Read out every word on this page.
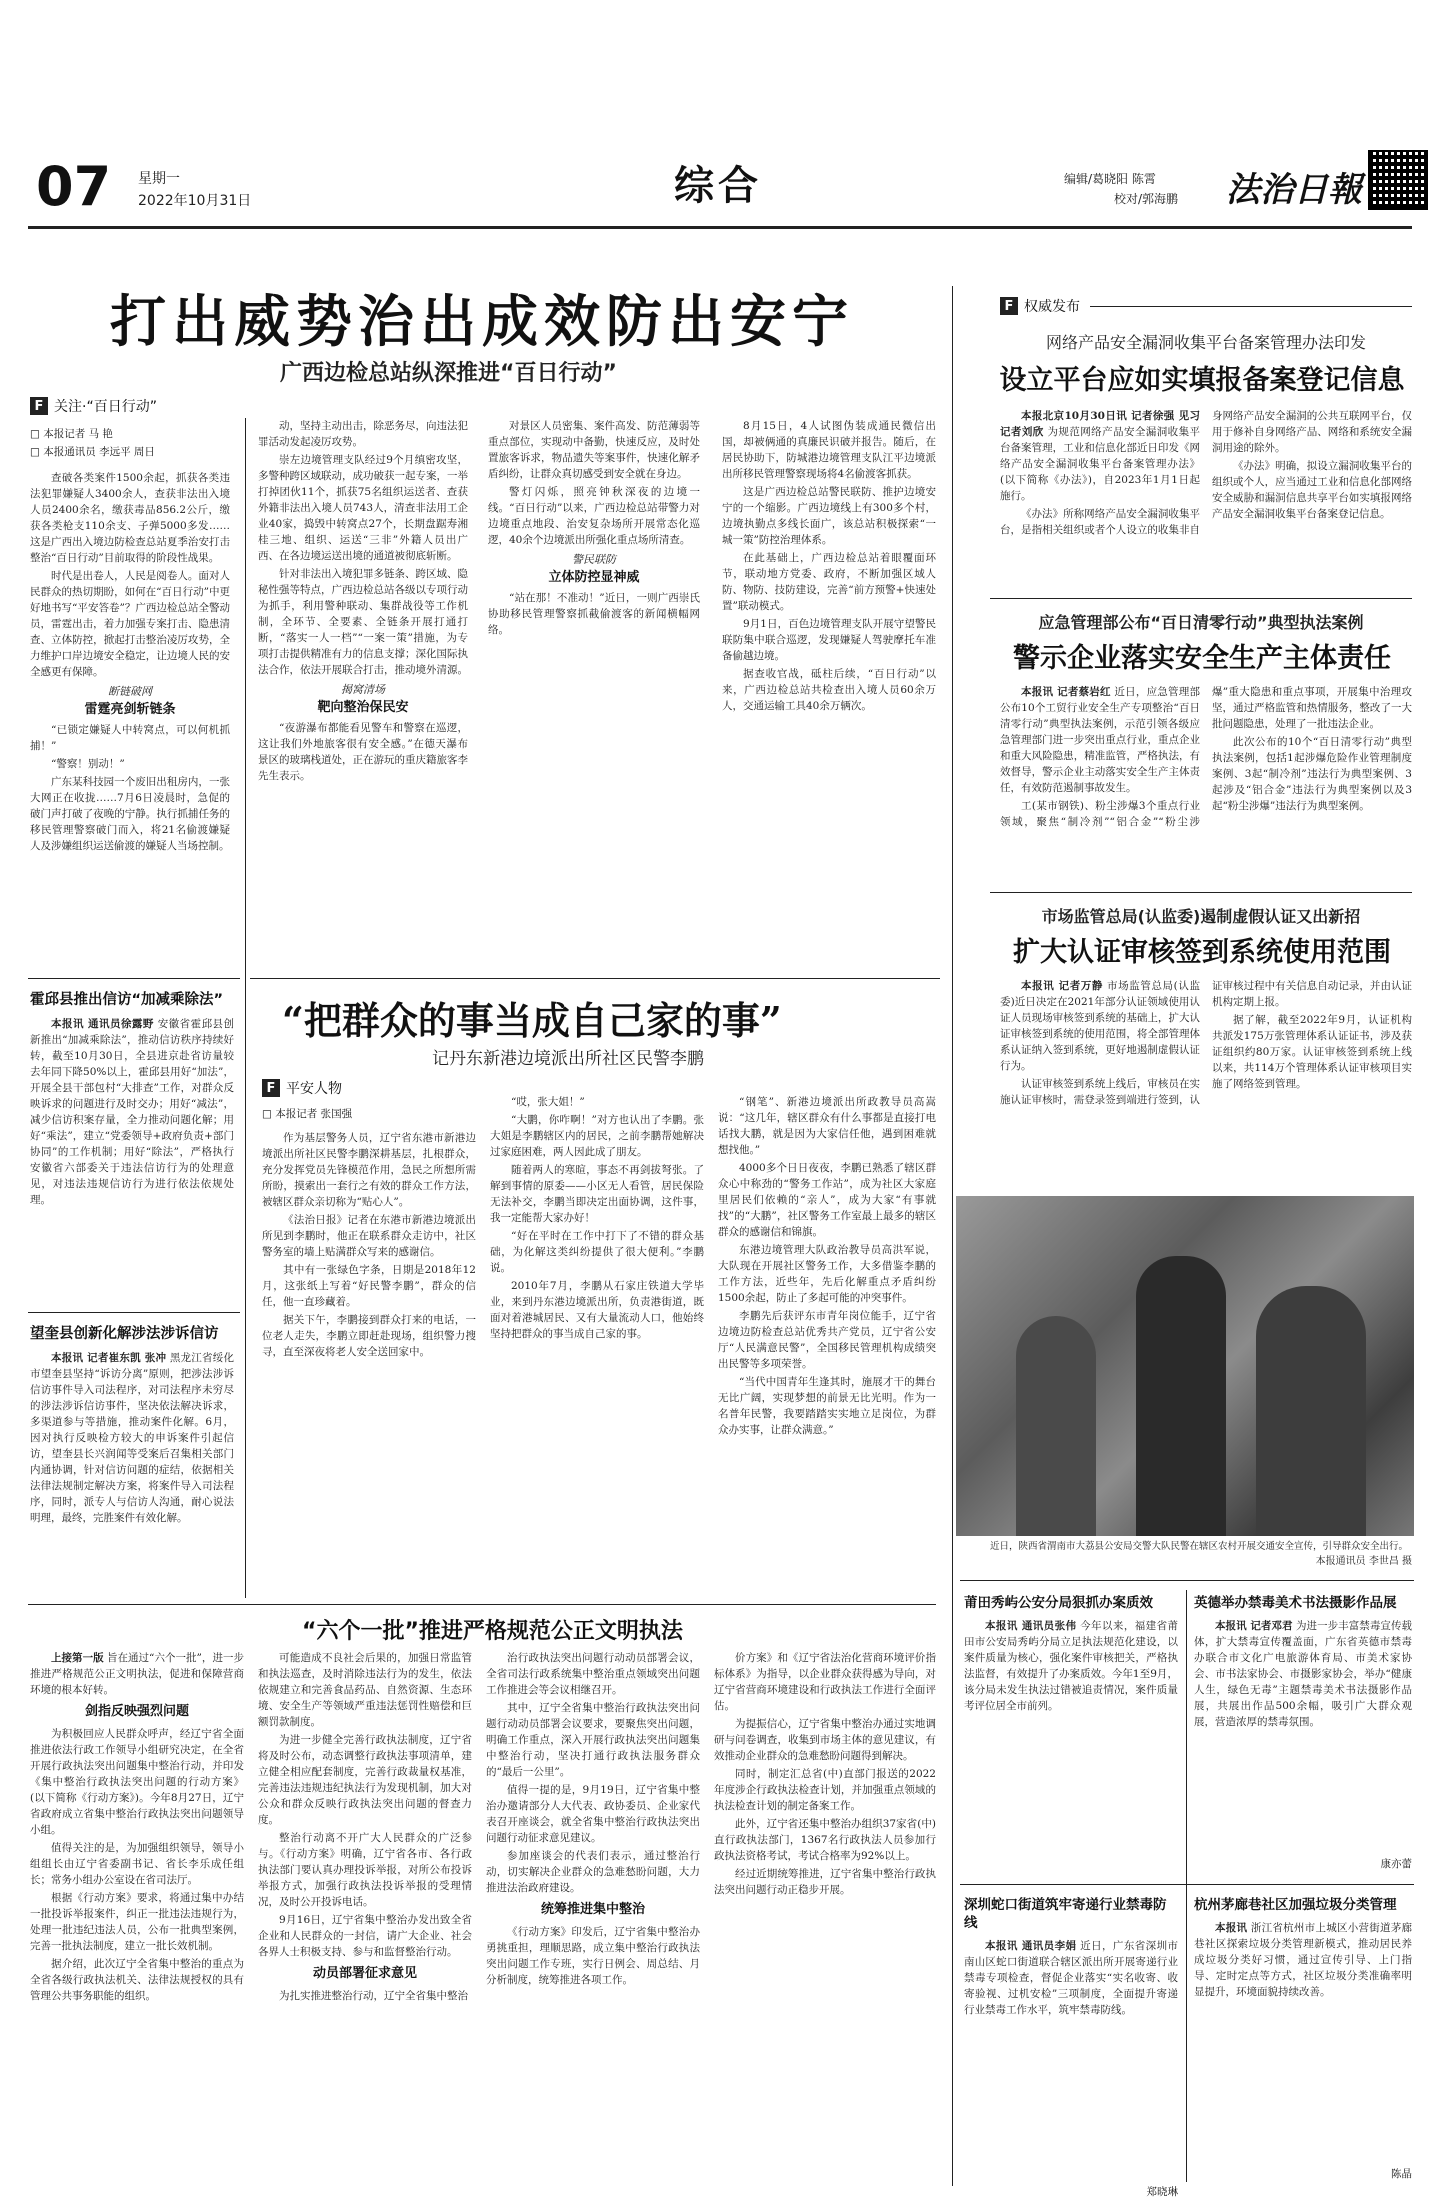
07 星期一
2022年10月31日	综合	编辑/葛晓阳 陈霄
校对/郭海鹏 法治日報
打出威势治出成效防出安宁
广西边检总站纵深推进“百日行动”
F 关注·“百日行动”
□ 本报记者 马 艳
□ 本报通讯员 李远平 周日

查破各类案件1500余起，抓获各类违法犯罪嫌疑人3400余人，查获非法出入境人员2400余名，缴获毒品856.2公斤，缴获各类枪支110余支、子弹5000多发……这是广西出入境边防检查总站夏季治安打击整治“百日行动”目前取得的阶段性战果。

时代是出卷人，人民是阅卷人。面对人民群众的热切期盼，如何在“百日行动”中更好地书写“平安答卷”？广西边检总站全警动员，雷霆出击，着力加强专案打击、隐患清查、立体防控，掀起打击整治凌厉攻势，全力维护口岸边境安全稳定，让边境人民的安全感更有保障。

断链破网
雷霆亮剑斩链条

“已锁定嫌疑人中转窝点，可以何机抓捕！”

“警察！别动！”

广东某科技园一个废旧出租房内，一张大网正在收拢……7月6日凌晨时，急促的破门声打破了夜晚的宁静。执行抓捕任务的移民管理警察破门而入，将21名偷渡嫌疑人及涉嫌组织运送偷渡的嫌疑人当场控制。

动，坚持主动出击，除恶务尽，向违法犯罪活动发起凌厉攻势。

崇左边境管理支队经过9个月缜密攻坚，多警种跨区域联动，成功破获一起专案，一举打掉团伙11个，抓获75名组织运送者、查获外籍非法出入境人员743人，清查非法用工企业40家，捣毁中转窝点27个，长期盘踞寿湘桂三地、组织、运送“三非”外籍人员出广西、在各边境运送出境的通道被彻底斩断。

针对非法出入境犯罪多链条、跨区域、隐秘性强等特点，广西边检总站各级以专项行动为抓手，利用警种联动、集群战役等工作机制，全环节、全要素、全链条开展打通打断，“落实一人一档”“一案一策”措施，为专项打击提供精准有力的信息支撑；深化国际执法合作，依法开展联合打击，推动境外清源。

揭窝清场
靶向整治保民安

“夜游瀑布都能看见警车和警察在巡逻，这让我们外地旅客很有安全感。”在德天瀑布景区的玻璃栈道处，正在游玩的重庆籍旅客李先生表示。

对景区人员密集、案件高发、防范薄弱等重点部位，实现动中备勤，快速反应，及时处置旅客诉求，物品遗失等案事件，快速化解矛盾纠纷，让群众真切感受到安全就在身边。

警灯闪烁，照亮钟秋深夜的边境一线。“百日行动”以来，广西边检总站带警力对边境重点地段、治安复杂场所开展常态化巡逻，40余个边境派出所强化重点场所清查。

警民联防
立体防控显神威

“站在那！不准动！”近日，一则广西崇氏协助移民管理警察抓截偷渡客的新闻横幅网络。

8月15日，4人试图伪装成通民微信出国，却被俩通的真廉民识破并报告。随后，在居民协助下，防城港边境管理支队江平边境派出所移民管理警察现场将4名偷渡客抓获。

这是广西边检总站警民联防、推护边境安宁的一个缩影。广西边境线上有300多个村，边境执勤点多线长面广，该总站积极探索“一城一策”防控治理体系。

在此基础上，广西边检总站着眼覆面环节，联动地方党委、政府，不断加强区域人防、物防、技防建设，完善“前方预警+快速处置”联动模式。

9月1日，百色边境管理支队开展守望警民联防集中联合巡逻，发现嫌疑人驾驶摩托车准备偷越边境。

据查收官战，砥柱后续，“百日行动”以来，广西边检总站共检查出入境人员60余万人，交通运输工具40余万辆次。

霍邱县推出信访“加减乘除法”

本报讯 通讯员徐露野 安徽省霍邱县创新推出“加减乘除法”，推动信访秩序持续好转，截至10月30日，全县进京赴省访量较去年同下降50%以上，霍邱县用好“加法”，开展全县干部包村“大排查”工作，对群众反映诉求的问题进行及时交办；用好“减法”，减少信访积案存量，全力推动问题化解；用好“乘法”，建立“党委领导+政府负责+部门协同”的工作机制；用好“除法”，严格执行安徽省六部委关于违法信访行为的处理意见，对违法违规信访行为进行依法依规处理。

望奎县创新化解涉法涉诉信访

本报讯 记者崔东凯 张冲 黑龙江省绥化市望奎县坚持“诉访分离”原则，把涉法涉诉信访事件导入司法程序，对司法程序未穷尽的涉法涉诉信访事件，坚决依法解决诉求，多渠道参与等措施，推动案件化解。6月，因对执行反映检方较大的申诉案件引起信访，望奎县长兴润闻等受案后召集相关部门内通协调，针对信访问题的症结，依据相关法律法规制定解决方案，将案件导入司法程序，同时，派专人与信访人沟通，耐心说法明理，最终，完胜案件有效化解。

“把群众的事当成自己家的事”
记丹东新港边境派出所社区民警李鹏
F 平安人物
□ 本报记者 张国强

作为基层警务人员，辽宁省东港市新港边境派出所社区民警李鹏深耕基层，扎根群众，充分发挥党员先锋模范作用，急民之所想所需所盼，摸索出一套行之有效的群众工作方法，被辖区群众亲切称为“贴心人”。

《法治日报》记者在东港市新港边境派出所见到李鹏时，他正在联系群众走访中，社区警务室的墙上贴满群众写来的感谢信。

其中有一张绿色字条，日期是2018年12月，这张纸上写着“好民警李鹏”，群众的信任，他一直珍藏着。

据关下午，李鹏接到群众打来的电话，一位老人走失，李鹏立即赶赴现场，组织警力搜寻，直至深夜将老人安全送回家中。

“哎，张大姐！”

“大鹏，你咋啊！”对方也认出了李鹏。张大姐是李鹏辖区内的居民，之前李鹏帮她解决过家庭困难，两人因此成了朋友。

随着两人的寒暄，事态不再剑拔弩张。了解到事情的原委——小区无人看管，居民保险无法补交，李鹏当即决定出面协调，这件事，我一定能帮大家办好！

“好在平时在工作中打下了不错的群众基础，为化解这类纠纷提供了很大便利。”李鹏说。

2010年7月，李鹏从石家庄铁道大学毕业，来到丹东港边境派出所，负责港街道，既面对着港城居民、又有大量流动人口，他始终坚持把群众的事当成自己家的事。

“钢笔”、新港边境派出所政教导员高嵩说：“这几年，辖区群众有什么事都是直接打电话找大鹏，就是因为大家信任他，遇到困难就想找他。”

4000多个日日夜夜，李鹏已熟悉了辖区群众心中称劲的“警务工作站”，成为社区大家庭里居民们依赖的“亲人”，成为大家“有事就找”的“大鹏”，社区警务工作室最上最多的辖区群众的感谢信和锦旗。

东港边境管理大队政治教导员高洪军说，大队现在开展社区警务工作，大多借鉴李鹏的工作方法，近些年，先后化解重点矛盾纠纷1500余起，防止了多起可能的冲突事件。

李鹏先后获评东市青年岗位能手，辽宁省边境边防检查总站优秀共产党员，辽宁省公安厅“人民满意民警”，全国移民管理机构成绩突出民警等多项荣誉。

“当代中国青年生逢其时，施展才干的舞台无比广阔，实现梦想的前景无比光明。作为一名普年民警，我要踏踏实实地立足岗位，为群众办实事，让群众满意。”

F 权威发布
网络产品安全漏洞收集平台备案管理办法印发
设立平台应如实填报备案登记信息

本报北京10月30日讯 记者徐强 见习记者刘欣 为规范网络产品安全漏洞收集平台备案管理，工业和信息化部近日印发《网络产品安全漏洞收集平台备案管理办法》(以下简称《办法》)，自2023年1月1日起施行。

《办法》所称网络产品安全漏洞收集平台，是指相关组织或者个人设立的收集非自身网络产品安全漏洞的公共互联网平台，仅用于修补自身网络产品、网络和系统安全漏洞用途的除外。

《办法》明确，拟设立漏洞收集平台的组织或个人，应当通过工业和信息化部网络安全威胁和漏洞信息共享平台如实填报网络产品安全漏洞收集平台备案登记信息。

应急管理部公布“百日清零行动”典型执法案例
警示企业落实安全生产主体责任

本报讯 记者蔡岩红 近日，应急管理部公布10个工贸行业安全生产专项整治“百日清零行动”典型执法案例，示范引领各级应急管理部门进一步突出重点行业，重点企业和重大风险隐患，精准监管，严格执法，有效督导，警示企业主动落实安全生产主体责任，有效防范遏制事故发生。

工(某市钢铁)、粉尘涉爆3个重点行业领域，聚焦“制冷剂”“铝合金”“粉尘涉爆”重大隐患和重点事项，开展集中治理攻坚，通过严格监管和热情服务，整改了一大批问题隐患，处理了一批违法企业。

此次公布的10个“百日清零行动”典型执法案例，包括1起涉爆危险作业管理制度案例、3起“制冷剂”违法行为典型案例、3起涉及“铝合金”违法行为典型案例以及3起“粉尘涉爆”违法行为典型案例。

市场监管总局(认监委)遏制虚假认证又出新招
扩大认证审核签到系统使用范围

本报讯 记者万静 市场监管总局(认监委)近日决定在2021年部分认证领域使用认证人员现场审核签到系统的基础上，扩大认证审核签到系统的使用范围，将全部管理体系认证纳入签到系统，更好地遏制虚假认证行为。

认证审核签到系统上线后，审核员在实施认证审核时，需登录签到端进行签到，认证审核过程中有关信息自动记录，并由认证机构定期上报。

据了解，截至2022年9月，认证机构共派发175万张管理体系认证证书，涉及获证组织约80万家。认证审核签到系统上线以来，共114万个管理体系认证审核项目实施了网络签到管理。

近日，陕西省渭南市大荔县公安局交警大队民警在辖区农村开展交通安全宣传，引导群众安全出行。
本报通讯员 李世昌 摄
“六个一批”推进严格规范公正文明执法

上接第一版 旨在通过“六个一批”，进一步推进严格规范公正文明执法，促进和保障营商环境的根本好转。

剑指反映强烈问题

为积极回应人民群众呼声，经辽宁省全面推进依法行政工作领导小组研究决定，在全省开展行政执法突出问题集中整治行动，并印发《集中整治行政执法突出问题的行动方案》(以下简称《行动方案》)。今年8月27日，辽宁省政府成立省集中整治行政执法突出问题领导小组。

值得关注的是，为加强组织领导，领导小组组长由辽宁省委副书记、省长李乐成任组长；常务小组办公室设在省司法厅。

根据《行动方案》要求，将通过集中办结一批投诉举报案件，纠正一批违法违规行为，处理一批违纪违法人员，公布一批典型案例，完善一批执法制度，建立一批长效机制。

据介绍，此次辽宁全省集中整治的重点为全省各级行政执法机关、法律法规授权的具有管理公共事务职能的组织。

可能造成不良社会后果的，加强日常监管和执法巡查，及时消除违法行为的发生，依法依规建立和完善食品药品、自然资源、生态环境、安全生产等领域严重违法惩罚性赔偿和巨额罚款制度。

为进一步健全完善行政执法制度，辽宁省将及时公布，动态调整行政执法事项清单，建立健全相应配套制度，完善行政裁量权基准，完善违法违规违纪执法行为发现机制，加大对公众和群众反映行政执法突出问题的督查力度。

整治行动离不开广大人民群众的广泛参与。《行动方案》明确，辽宁省各市、各行政执法部门要认真办理投诉举报，对所公布投诉举报方式，加强行政执法投诉举报的受理情况，及时公开投诉电话。

9月16日，辽宁省集中整治办发出致全省企业和人民群众的一封信，请广大企业、社会各界人士积极支持、参与和监督整治行动。

动员部署征求意见

为扎实推进整治行动，辽宁全省集中整治

治行政执法突出问题行动动员部署会议，全省司法行政系统集中整治重点领域突出问题工作推进会等会议相继召开。

其中，辽宁全省集中整治行政执法突出问题行动动员部署会议要求，要聚焦突出问题，明确工作重点，深入开展行政执法突出问题集中整治行动，坚决打通行政执法服务群众的“最后一公里”。

值得一提的是，9月19日，辽宁省集中整治办邀请部分人大代表、政协委员、企业家代表召开座谈会，就全省集中整治行政执法突出问题行动征求意见建议。

参加座谈会的代表们表示，通过整治行动，切实解决企业群众的急难愁盼问题，大力推进法治政府建设。

统筹推进集中整治

《行动方案》印发后，辽宁省集中整治办勇挑重担，理顺思路，成立集中整治行政执法突出问题工作专班，实行日例会、周总结、月分析制度，统筹推进各项工作。

价方案》和《辽宁省法治化营商环境评价指标体系》为指导，以企业群众获得感为导向，对辽宁省营商环境建设和行政执法工作进行全面评估。

为提振信心，辽宁省集中整治办通过实地调研与问卷调查，收集到市场主体的意见建议，有效推动企业群众的急难愁盼问题得到解决。

同时，制定汇总省(中)直部门报送的2022年度涉企行政执法检查计划，并加强重点领域的执法检查计划的制定备案工作。

此外，辽宁省还集中整治办组织37家省(中)直行政执法部门，1367名行政执法人员参加行政执法资格考试，考试合格率为92%以上。

经过近期统筹推进，辽宁省集中整治行政执法突出问题行动正稳步开展。

莆田秀屿公安分局狠抓办案质效

本报讯 通讯员张伟 今年以来，福建省莆田市公安局秀屿分局立足执法规范化建设，以案件质量为核心，强化案件审核把关，严格执法监督，有效提升了办案质效。今年1至9月，该分局未发生执法过错被追责情况，案件质量考评位居全市前列。

英德举办禁毒美术书法摄影作品展

本报讯 记者邓君 为进一步丰富禁毒宣传载体，扩大禁毒宣传覆盖面，广东省英德市禁毒办联合市文化广电旅游体育局、市美术家协会、市书法家协会、市摄影家协会，举办“健康人生，绿色无毒”主题禁毒美术书法摄影作品展，共展出作品500余幅，吸引广大群众观展，营造浓厚的禁毒氛围。

康亦蕾
深圳蛇口街道筑牢寄递行业禁毒防线

本报讯 通讯员李娟 近日，广东省深圳市南山区蛇口街道联合辖区派出所开展寄递行业禁毒专项检查，督促企业落实“实名收寄、收寄验视、过机安检”三项制度，全面提升寄递行业禁毒工作水平，筑牢禁毒防线。

郑晓琳
杭州茅廊巷社区加强垃圾分类管理

本报讯 浙江省杭州市上城区小营街道茅廊巷社区探索垃圾分类管理新模式，推动居民养成垃圾分类好习惯，通过宣传引导、上门指导、定时定点等方式，社区垃圾分类准确率明显提升，环境面貌持续改善。

陈晶
